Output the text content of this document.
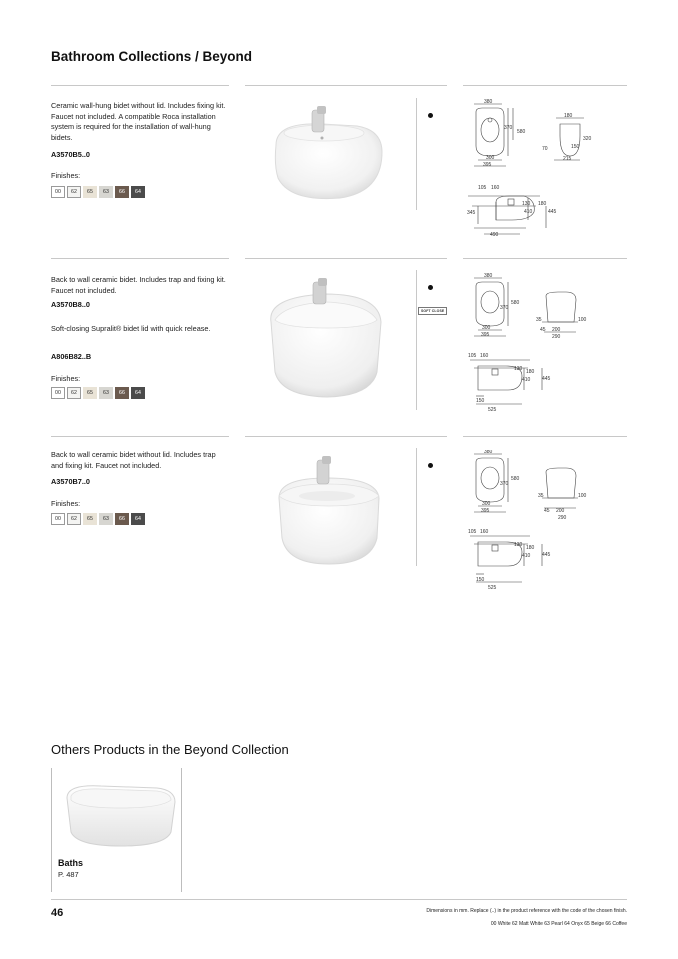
Bathroom Collections / Beyond
Ceramic wall-hung bidet without lid. Includes fixing kit. Faucet not included. A compatible Roca installation system is required for the installation of wall-hung bidets.
A3570B5..0
Finishes:
00	62	65	63	66	64
380
370
580
300
395
180
320
150
70
215
105 160
130 180
410	445
345
490
Back to wall ceramic bidet. Includes trap and fixing kit. Faucet not included.
A3570B8..0
Soft-closing Supralit® bidet lid with quick release.
A806B82..B
Finishes:
00	62	65	63	66	64
SOFT CLOSE
380
370
580
300
395
35	100
45 200
290
105 160
130 180
410 445
150
525
Back to wall ceramic bidet without lid. Includes trap and fixing kit. Faucet not included.
A3570B7..0
Finishes:
00	62	65	63	66	64
380
370
580
300
395
35	100
45 200
290
105 160
130 180
410 445
150
525
Others Products in the Beyond Collection
Baths
P. 487
46	Dimensions in mm. Replace (..) in the product reference with the code of the chosen finish.
00 White 62 Matt White 63 Pearl 64 Onyx 65 Beige 66 Coffee
